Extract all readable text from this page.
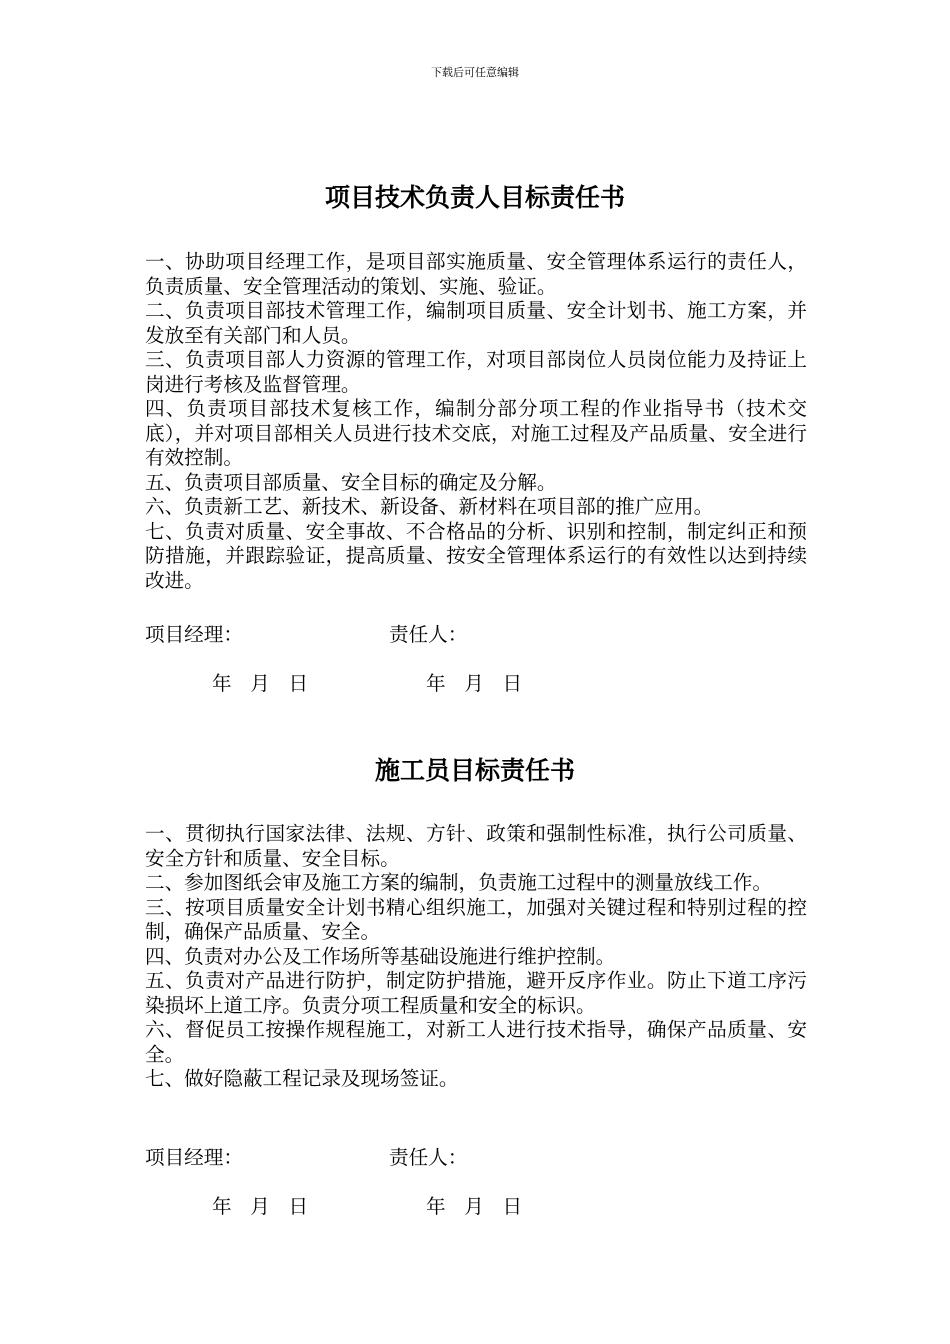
下载后可任意编辑
项目技术负责人目标责任书

一、协助项目经理工作，是项目部实施质量、安全管理体系运行的责任人，负责质量、安全管理活动的策划、实施、验证。

二、负责项目部技术管理工作，编制项目质量、安全计划书、施工方案，并发放至有关部门和人员。

三、负责项目部人力资源的管理工作，对项目部岗位人员岗位能力及持证上岗进行考核及监督管理。

四、负责项目部技术复核工作，编制分部分项工程的作业指导书（技术交底），并对项目部相关人员进行技术交底，对施工过程及产品质量、安全进行有效控制。

五、负责项目部质量、安全目标的确定及分解。

六、负责新工艺、新技术、新设备、新材料在项目部的推广应用。

七、负责对质量、安全事故、不合格品的分析、识别和控制，制定纠正和预防措施，并跟踪验证，提高质量、按安全管理体系运行的有效性以达到持续改进。

项目经理：	责任人：
年   月   日	年   月   日
施工员目标责任书

一、贯彻执行国家法律、法规、方针、政策和强制性标准，执行公司质量、安全方针和质量、安全目标。

二、参加图纸会审及施工方案的编制，负责施工过程中的测量放线工作。

三、按项目质量安全计划书精心组织施工，加强对关键过程和特别过程的控制，确保产品质量、安全。

四、负责对办公及工作场所等基础设施进行维护控制。

五、负责对产品进行防护，制定防护措施，避开反序作业。防止下道工序污染损坏上道工序。负责分项工程质量和安全的标识。

六、督促员工按操作规程施工，对新工人进行技术指导，确保产品质量、安全。

七、做好隐蔽工程记录及现场签证。

项目经理：	责任人：
年   月   日	年   月   日
